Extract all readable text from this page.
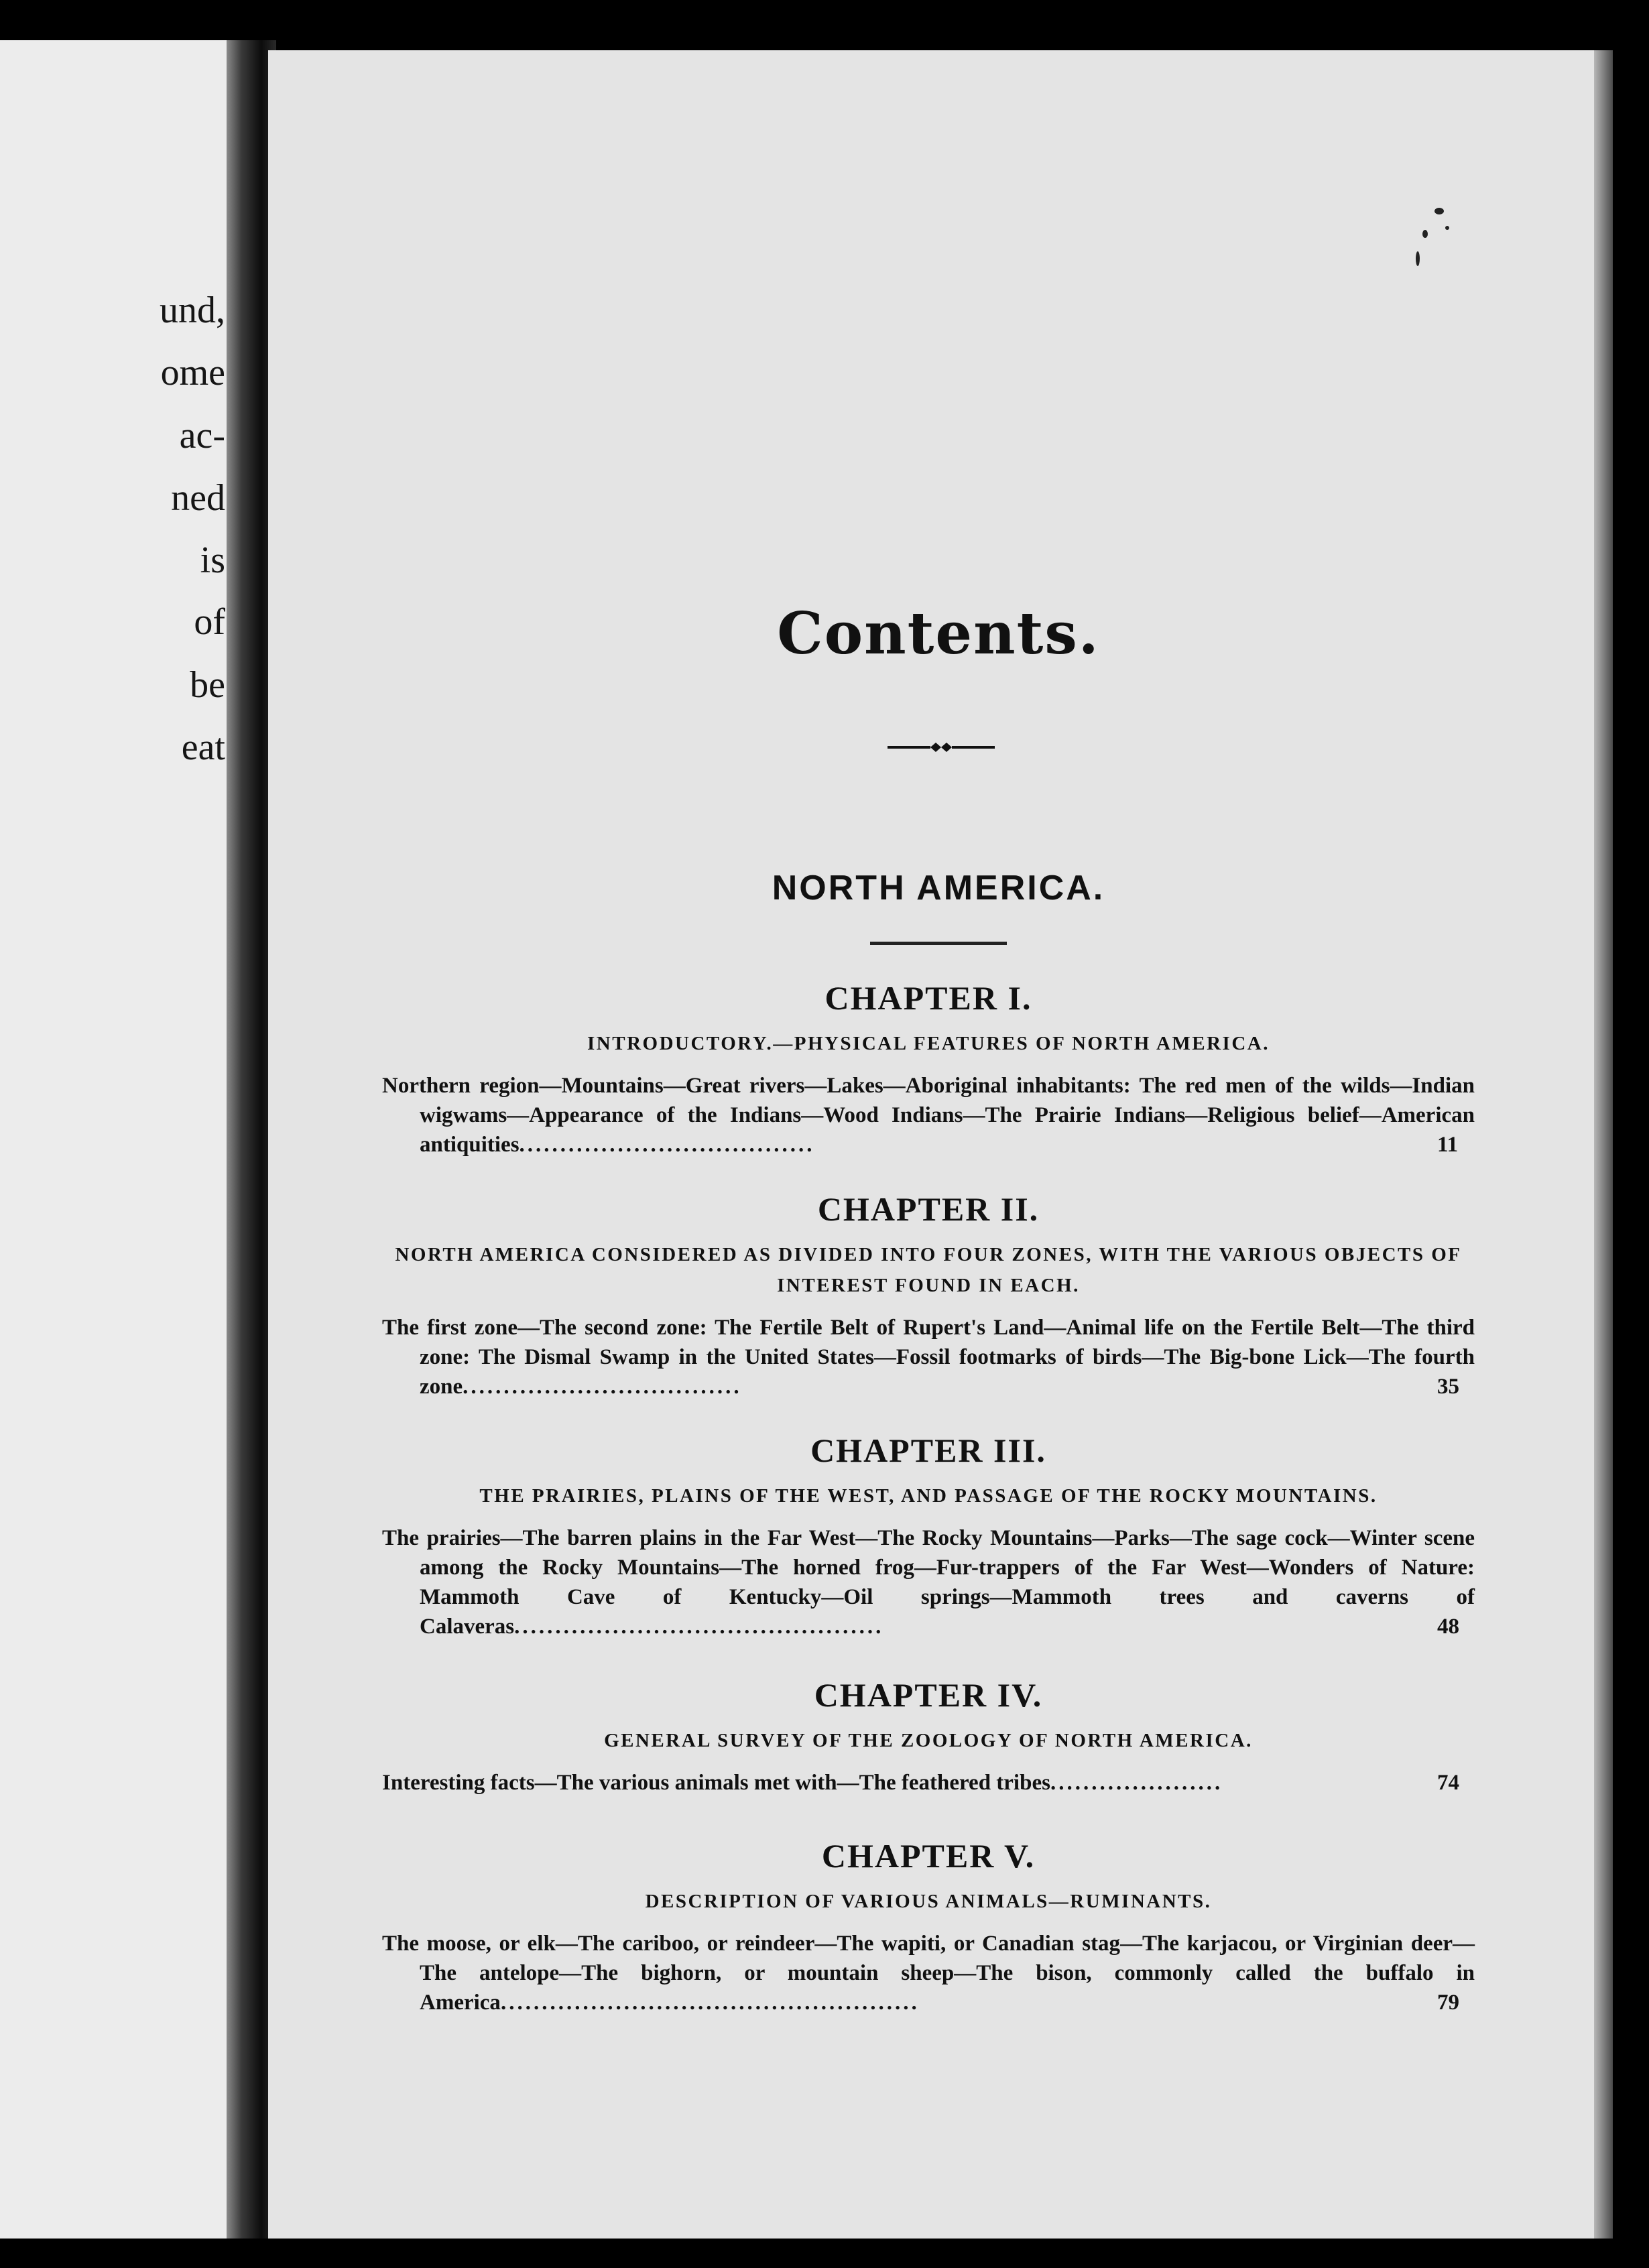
und,
ome
ac-
ned
is
of
be
eat
Contents.
NORTH AMERICA.
CHAPTER I.
INTRODUCTORY.—PHYSICAL FEATURES OF NORTH AMERICA.

Northern region—Mountains—Great rivers—Lakes—Aboriginal inhabitants: The red men of the wilds—Indian wigwams—Appearance of the Indians—Wood Indians—The Prairie Indians—Religious belief—American antiquities....................................	11

CHAPTER II.
NORTH AMERICA CONSIDERED AS DIVIDED INTO FOUR ZONES, WITH THE VARIOUS OBJECTS OF INTEREST FOUND IN EACH.

The first zone—The second zone: The Fertile Belt of Rupert's Land—Animal life on the Fertile Belt—The third zone: The Dismal Swamp in the United States—Fossil footmarks of birds—The Big-bone Lick—The fourth zone..................................	35

CHAPTER III.
THE PRAIRIES, PLAINS OF THE WEST, AND PASSAGE OF THE ROCKY MOUNTAINS.

The prairies—The barren plains in the Far West—The Rocky Mountains—Parks—The sage cock—Winter scene among the Rocky Mountains—The horned frog—Fur-trappers of the Far West—Wonders of Nature: Mammoth Cave of Kentucky—Oil springs—Mammoth trees and caverns of Calaveras.............................................	48

CHAPTER IV.
GENERAL SURVEY OF THE ZOOLOGY OF NORTH AMERICA.

Interesting facts—The various animals met with—The feathered tribes.....................	74

CHAPTER V.
DESCRIPTION OF VARIOUS ANIMALS—RUMINANTS.

The moose, or elk—The cariboo, or reindeer—The wapiti, or Canadian stag—The karjacou, or Virginian deer—The antelope—The bighorn, or mountain sheep—The bison, commonly called the buffalo in America...................................................	79
